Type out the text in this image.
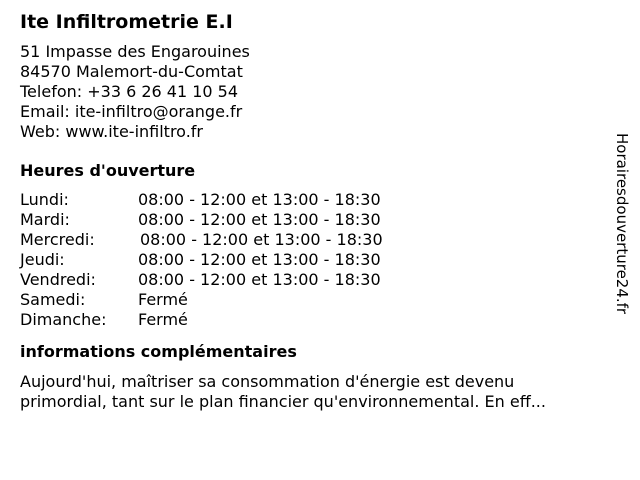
Ite Infiltrometrie E.I
51 Impasse des Engarouines
84570 Malemort-du-Comtat
Telefon: +33 6 26 41 10 54
Email: ite-infiltro@orange.fr
Web: www.ite-infiltro.fr
Heures d'ouverture
Lundi:	08:00 - 12:00 et 13:00 - 18:30
Mardi:	08:00 - 12:00 et 13:00 - 18:30
Mercredi:	08:00 - 12:00 et 13:00 - 18:30
Jeudi:	08:00 - 12:00 et 13:00 - 18:30
Vendredi:	08:00 - 12:00 et 13:00 - 18:30
Samedi:	Fermé
Dimanche: Fermé
informations complémentaires
Aujourd'hui, maîtriser sa consommation d'énergie est devenu
primordial, tant sur le plan financier qu'environnemental. En eff...
Horairesdouverture24.fr
